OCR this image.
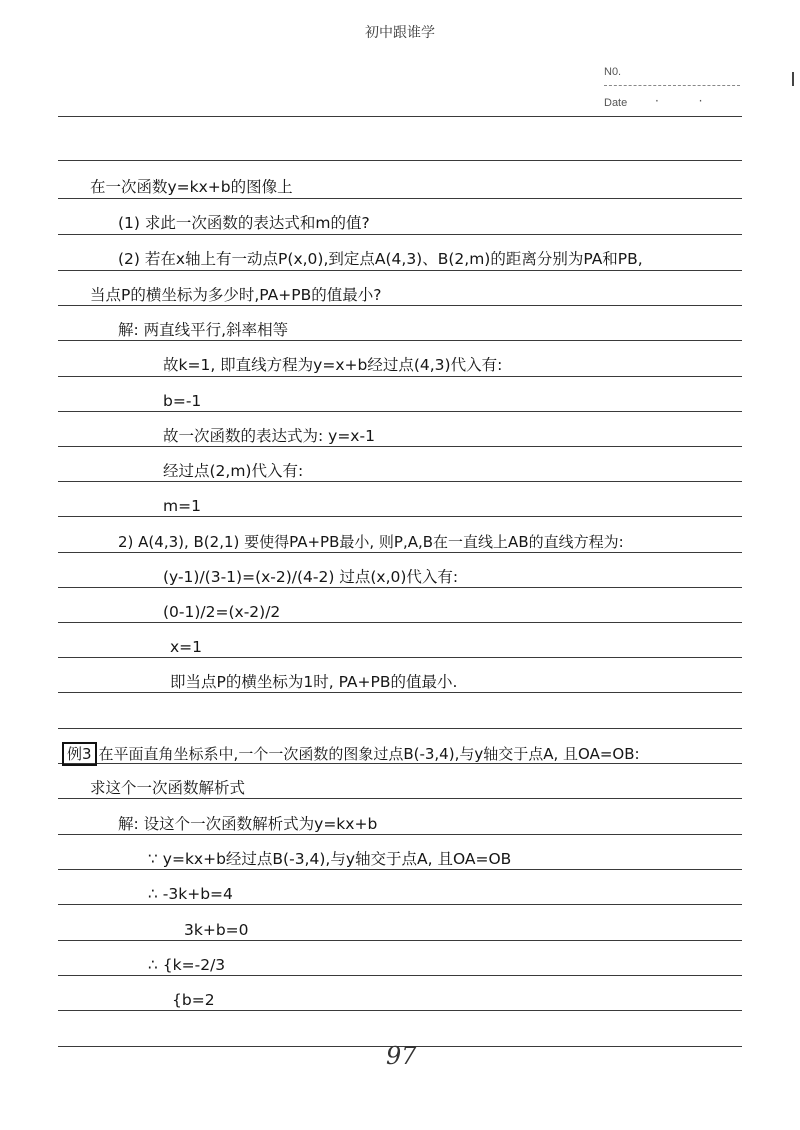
初中跟谁学
N0.
Date · ·
在一次函数y=kx+b的图像上
(1) 求此一次函数的表达式和m的值?
(2) 若在x轴上有一动点P(x,0),到定点A(4,3)、B(2,m)的距离分别为PA和PB,
当点P的横坐标为多少时,PA+PB的值最小?
解: 两直线平行,斜率相等
故k=1, 即直线方程为y=x+b经过点(4,3)代入有:
b=-1
故一次函数的表达式为: y=x-1
经过点(2,m)代入有:
m=1
2) A(4,3), B(2,1) 要使得PA+PB最小, 则P,A,B在一直线上AB的直线方程为:
(y-1)/(3-1)=(x-2)/(4-2) 过点(x,0)代入有:
(0-1)/2=(x-2)/2
x=1
即当点P的横坐标为1时, PA+PB的值最小.
例3 在平面直角坐标系中,一个一次函数的图象过点B(-3,4),与y轴交于点A, 且OA=OB:
求这个一次函数解析式
解: 设这个一次函数解析式为y=kx+b
∵ y=kx+b经过点B(-3,4),与y轴交于点A, 且OA=OB
∴ -3k+b=4
3k+b=0
∴ {k=-2/3
{b=2
97
